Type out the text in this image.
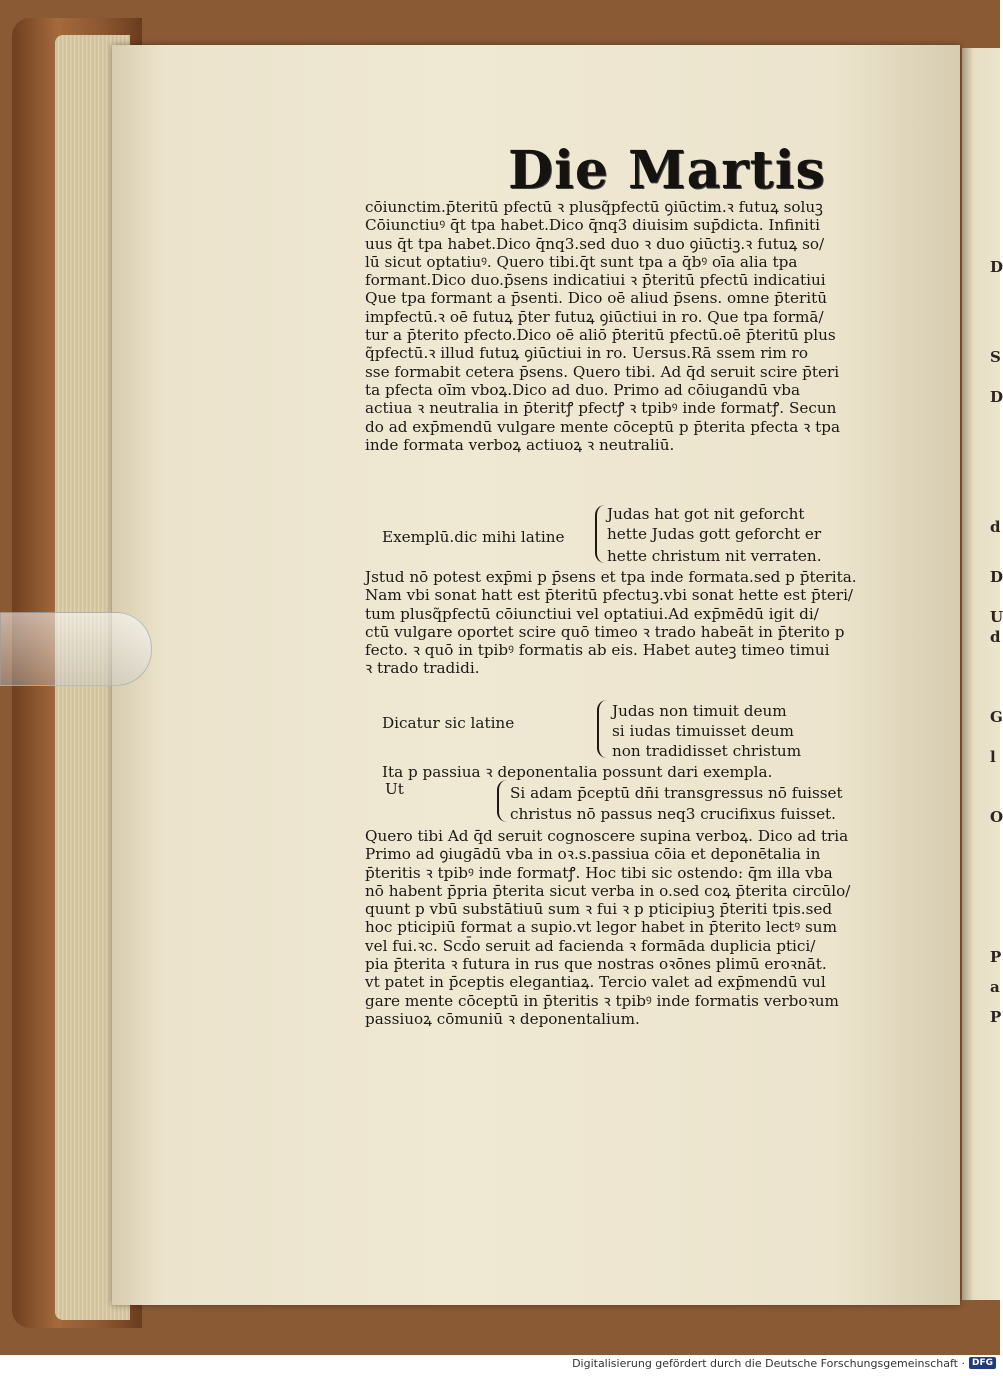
D
S
D
d
D
U
d
G
l
O
P
a
P
Die Martis
cōiunctim.p̄teritū pfectū ꝛ plusq̃pfectū ꝯiūctim.ꝛ futuꝝ soluꝫ
Cōiunctiuꝰ q̄t tpa habet.Dico q̄nq3 diuisim sup̄dicta. Infiniti
uus q̄t tpa habet.Dico q̄nq3.sed duo ꝛ duo ꝯiūctiꝫ.ꝛ futuꝝ so/
lū sicut optatiuꝰ. Quero tibi.q̄t sunt tpa a q̄bꝰ oīa alia tpa
formant.Dico duo.p̄sens indicatiui ꝛ p̄teritū pfectū indicatiui
Que tpa formant a p̄senti. Dico oē aliud p̄sens. omne p̄teritū
impfectū.ꝛ oē futuꝝ p̄ter futuꝝ ꝯiūctiui in ro. Que tpa formā/
tur a p̄terito pfecto.Dico oē aliō p̄teritū pfectū.oē p̄teritū plus
q̃pfectū.ꝛ illud futuꝝ ꝯiūctiui in ro. Uersus.Rā ssem rim ro
sse formabit cetera p̄sens. Quero tibi. Ad q̄d seruit scire p̄teri
ta pfecta oīm vboꝝ.Dico ad duo. Primo ad cōiugandū vba
actiua ꝛ neutralia in p̄teritꝭ pfectꝭ ꝛ tpibꝰ inde formatꝭ. Secun
do ad exp̄mendū vulgare mente cōceptū p p̄terita pfecta ꝛ tpa
inde formata verboꝝ actiuoꝝ ꝛ neutraliū.
Exemplū.dic mihi latine
Judas hat got nit geforcht
hette Judas gott geforcht er
hette christum nit verraten.
Jstud nō potest exp̄mi p p̄sens et tpa inde formata.sed p p̄terita.
Nam vbi sonat hatt est p̄teritū pfectuꝫ.vbi sonat hette est p̄teri/
tum plusq̃pfectū cōiunctiui vel optatiui.Ad exp̄mēdū igit di/
ctū vulgare oportet scire quō timeo ꝛ trado habeāt in p̄terito p
fecto. ꝛ quō in tpibꝰ formatis ab eis. Habet auteꝫ timeo timui
ꝛ trado tradidi.
Dicatur sic latine
Judas non timuit deum
si iudas timuisset deum
non tradidisset christum
Ita p passiua ꝛ deponentalia possunt dari exempla.
Ut	Si adam p̄ceptū dn̄i transgressus nō fuisset
christus nō passus neq3 crucifixus fuisset.
Quero tibi Ad q̄d seruit cognoscere supina verboꝝ. Dico ad tria
Primo ad ꝯiugādū vba in oꝛ.s.passiua cōia et deponētalia in
p̄teritis ꝛ tpibꝰ inde formatꝭ. Hoc tibi sic ostendo: q̄m illa vba
nō habent p̄pria p̄terita sicut verba in o.sed coꝝ p̄terita circūlo/
quunt p vbū substātiuū sum ꝛ fui ꝛ p pticipiuꝫ p̄teriti tpis.sed
hoc pticipiū format a supio.vt legor habet in p̄terito lectꝰ sum
vel fui.ꝛc. Scd̄o seruit ad facienda ꝛ formāda duplicia ptici/
pia p̄terita ꝛ futura in rus que nostras oꝛōnes plimū eroꝛnāt.
vt patet in p̄ceptis elegantiaꝝ. Tercio valet ad exp̄mendū vul
gare mente cōceptū in p̄teritis ꝛ tpibꝰ inde formatis verboꝛum
passiuoꝝ cōmuniū ꝛ deponentalium.
Digitalisierung gefördert durch die Deutsche Forschungsgemeinschaft · DFG
